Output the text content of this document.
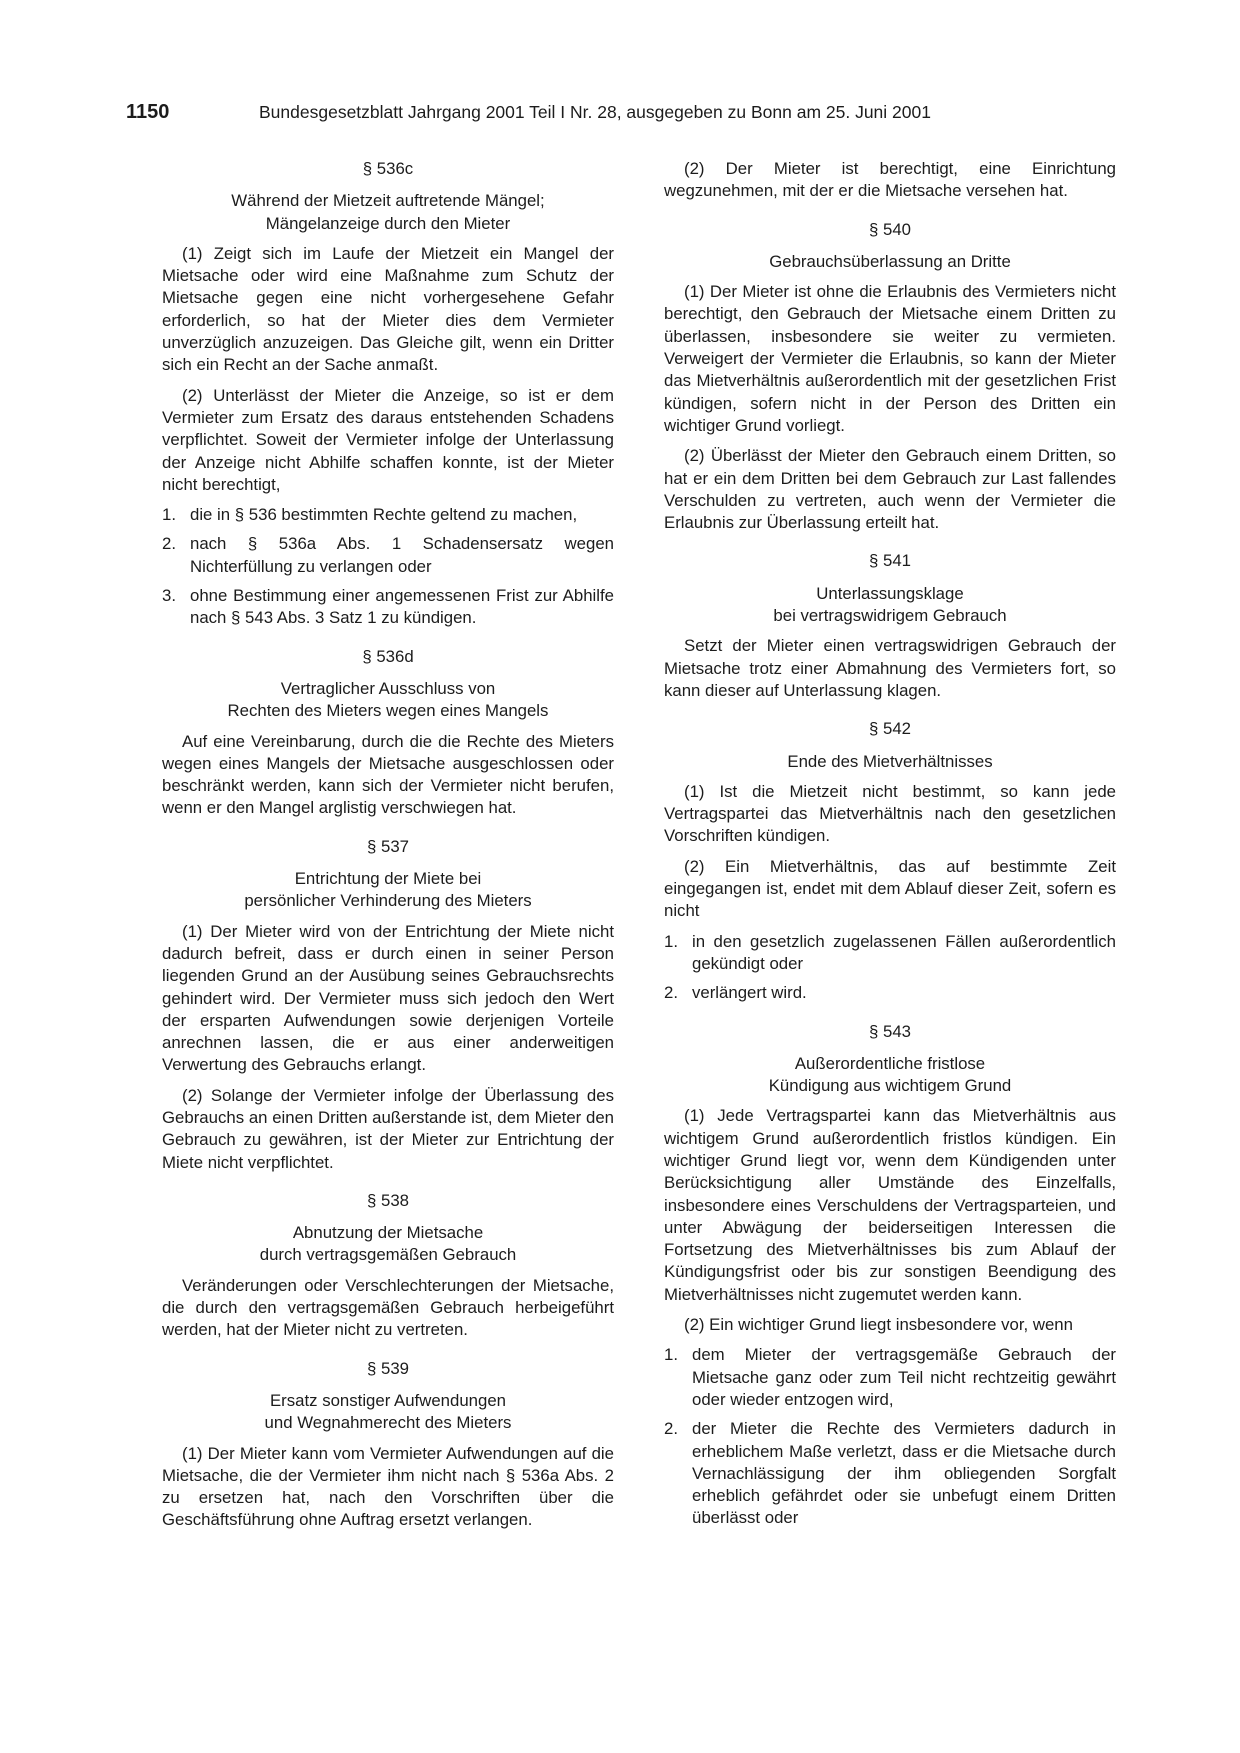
1150	Bundesgesetzblatt Jahrgang 2001 Teil I Nr. 28, ausgegeben zu Bonn am 25. Juni 2001
§ 536c
Während der Mietzeit auftretende Mängel;
Mängelanzeige durch den Mieter

(1) Zeigt sich im Laufe der Mietzeit ein Mangel der Mietsache oder wird eine Maßnahme zum Schutz der Mietsache gegen eine nicht vorhergesehene Gefahr erforderlich, so hat der Mieter dies dem Vermieter unverzüglich anzuzeigen. Das Gleiche gilt, wenn ein Dritter sich ein Recht an der Sache anmaßt.

(2) Unterlässt der Mieter die Anzeige, so ist er dem Vermieter zum Ersatz des daraus entstehenden Schadens verpflichtet. Soweit der Vermieter infolge der Unterlassung der Anzeige nicht Abhilfe schaffen konnte, ist der Mieter nicht berechtigt,

1. die in § 536 bestimmten Rechte geltend zu machen,
2. nach § 536a Abs. 1 Schadensersatz wegen Nichterfüllung zu verlangen oder
3. ohne Bestimmung einer angemessenen Frist zur Abhilfe nach § 543 Abs. 3 Satz 1 zu kündigen.
§ 536d
Vertraglicher Ausschluss von
Rechten des Mieters wegen eines Mangels

Auf eine Vereinbarung, durch die die Rechte des Mieters wegen eines Mangels der Mietsache ausgeschlossen oder beschränkt werden, kann sich der Vermieter nicht berufen, wenn er den Mangel arglistig verschwiegen hat.

§ 537
Entrichtung der Miete bei
persönlicher Verhinderung des Mieters

(1) Der Mieter wird von der Entrichtung der Miete nicht dadurch befreit, dass er durch einen in seiner Person liegenden Grund an der Ausübung seines Gebrauchsrechts gehindert wird. Der Vermieter muss sich jedoch den Wert der ersparten Aufwendungen sowie derjenigen Vorteile anrechnen lassen, die er aus einer anderweitigen Verwertung des Gebrauchs erlangt.

(2) Solange der Vermieter infolge der Überlassung des Gebrauchs an einen Dritten außerstande ist, dem Mieter den Gebrauch zu gewähren, ist der Mieter zur Entrichtung der Miete nicht verpflichtet.

§ 538
Abnutzung der Mietsache
durch vertragsgemäßen Gebrauch

Veränderungen oder Verschlechterungen der Mietsache, die durch den vertragsgemäßen Gebrauch herbeigeführt werden, hat der Mieter nicht zu vertreten.

§ 539
Ersatz sonstiger Aufwendungen
und Wegnahmerecht des Mieters

(1) Der Mieter kann vom Vermieter Aufwendungen auf die Mietsache, die der Vermieter ihm nicht nach § 536a Abs. 2 zu ersetzen hat, nach den Vorschriften über die Geschäftsführung ohne Auftrag ersetzt verlangen.

(2) Der Mieter ist berechtigt, eine Einrichtung wegzunehmen, mit der er die Mietsache versehen hat.

§ 540
Gebrauchsüberlassung an Dritte

(1) Der Mieter ist ohne die Erlaubnis des Vermieters nicht berechtigt, den Gebrauch der Mietsache einem Dritten zu überlassen, insbesondere sie weiter zu vermieten. Verweigert der Vermieter die Erlaubnis, so kann der Mieter das Mietverhältnis außerordentlich mit der gesetzlichen Frist kündigen, sofern nicht in der Person des Dritten ein wichtiger Grund vorliegt.

(2) Überlässt der Mieter den Gebrauch einem Dritten, so hat er ein dem Dritten bei dem Gebrauch zur Last fallendes Verschulden zu vertreten, auch wenn der Vermieter die Erlaubnis zur Überlassung erteilt hat.

§ 541
Unterlassungsklage
bei vertragswidrigem Gebrauch

Setzt der Mieter einen vertragswidrigen Gebrauch der Mietsache trotz einer Abmahnung des Vermieters fort, so kann dieser auf Unterlassung klagen.

§ 542
Ende des Mietverhältnisses

(1) Ist die Mietzeit nicht bestimmt, so kann jede Vertragspartei das Mietverhältnis nach den gesetzlichen Vorschriften kündigen.

(2) Ein Mietverhältnis, das auf bestimmte Zeit eingegangen ist, endet mit dem Ablauf dieser Zeit, sofern es nicht

1. in den gesetzlich zugelassenen Fällen außerordentlich gekündigt oder
2. verlängert wird.
§ 543
Außerordentliche fristlose
Kündigung aus wichtigem Grund

(1) Jede Vertragspartei kann das Mietverhältnis aus wichtigem Grund außerordentlich fristlos kündigen. Ein wichtiger Grund liegt vor, wenn dem Kündigenden unter Berücksichtigung aller Umstände des Einzelfalls, insbesondere eines Verschuldens der Vertragsparteien, und unter Abwägung der beiderseitigen Interessen die Fortsetzung des Mietverhältnisses bis zum Ablauf der Kündigungsfrist oder bis zur sonstigen Beendigung des Mietverhältnisses nicht zugemutet werden kann.

(2) Ein wichtiger Grund liegt insbesondere vor, wenn

1. dem Mieter der vertragsgemäße Gebrauch der Mietsache ganz oder zum Teil nicht rechtzeitig gewährt oder wieder entzogen wird,
2. der Mieter die Rechte des Vermieters dadurch in erheblichem Maße verletzt, dass er die Mietsache durch Vernachlässigung der ihm obliegenden Sorgfalt erheblich gefährdet oder sie unbefugt einem Dritten überlässt oder
